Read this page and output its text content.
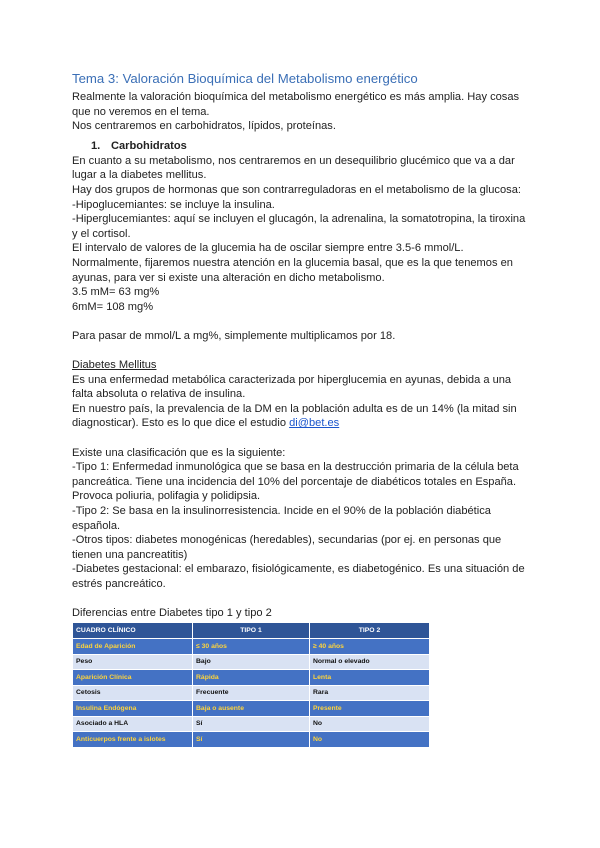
Tema 3: Valoración Bioquímica del Metabolismo energético

Realmente la valoración bioquímica del metabolismo energético es más amplia. Hay cosas que no veremos en el tema.

Nos centraremos en carbohidratos, lípidos, proteínas.

1. Carbohidratos

En cuanto a su metabolismo, nos centraremos en un desequilibrio glucémico que va a dar lugar a la diabetes mellitus.

Hay dos grupos de hormonas que son contrarreguladoras en el metabolismo de la glucosa:

-Hipoglucemiantes: se incluye la insulina.

-Hiperglucemiantes: aquí se incluyen el glucagón, la adrenalina, la somatotropina, la tiroxina y el cortisol.

El intervalo de valores de la glucemia ha de oscilar siempre entre 3.5-6 mmol/L.

Normalmente, fijaremos nuestra atención en la glucemia basal, que es la que tenemos en ayunas, para ver si existe una alteración en dicho metabolismo.

3.5 mM= 63 mg%

6mM= 108 mg%

Para pasar de mmol/L a mg%, simplemente multiplicamos por 18.

Diabetes Mellitus

Es una enfermedad metabólica caracterizada por hiperglucemia en ayunas, debida a una falta absoluta o relativa de insulina.

En nuestro país, la prevalencia de la DM en la población adulta es de un 14% (la mitad sin diagnosticar). Esto es lo que dice el estudio di@bet.es

Existe una clasificación que es la siguiente:

-Tipo 1: Enfermedad inmunológica que se basa en la destrucción primaria de la célula beta pancreática. Tiene una incidencia del 10% del porcentaje de diabéticos totales en España. Provoca poliuria, polifagia y polidipsia.

-Tipo 2: Se basa en la insulinorresistencia. Incide en el 90% de la población diabética española.

-Otros tipos: diabetes monogénicas (heredables), secundarias (por ej. en personas que tienen una pancreatitis)

-Diabetes gestacional: el embarazo, fisiológicamente, es diabetogénico. Es una situación de estrés pancreático.

Diferencias entre Diabetes tipo 1 y tipo 2

CUADRO CLÍNICO	TIPO 1	TIPO 2
Edad de Aparición	≤ 30 años	≥ 40 años
Peso	Bajo	Normal o elevado
Aparición Clínica	Rápida	Lenta
Cetosis	Frecuente	Rara
Insulina Endógena	Baja o ausente	Presente
Asociado a HLA	Sí	No
Anticuerpos frente a islotes	Sí	No
